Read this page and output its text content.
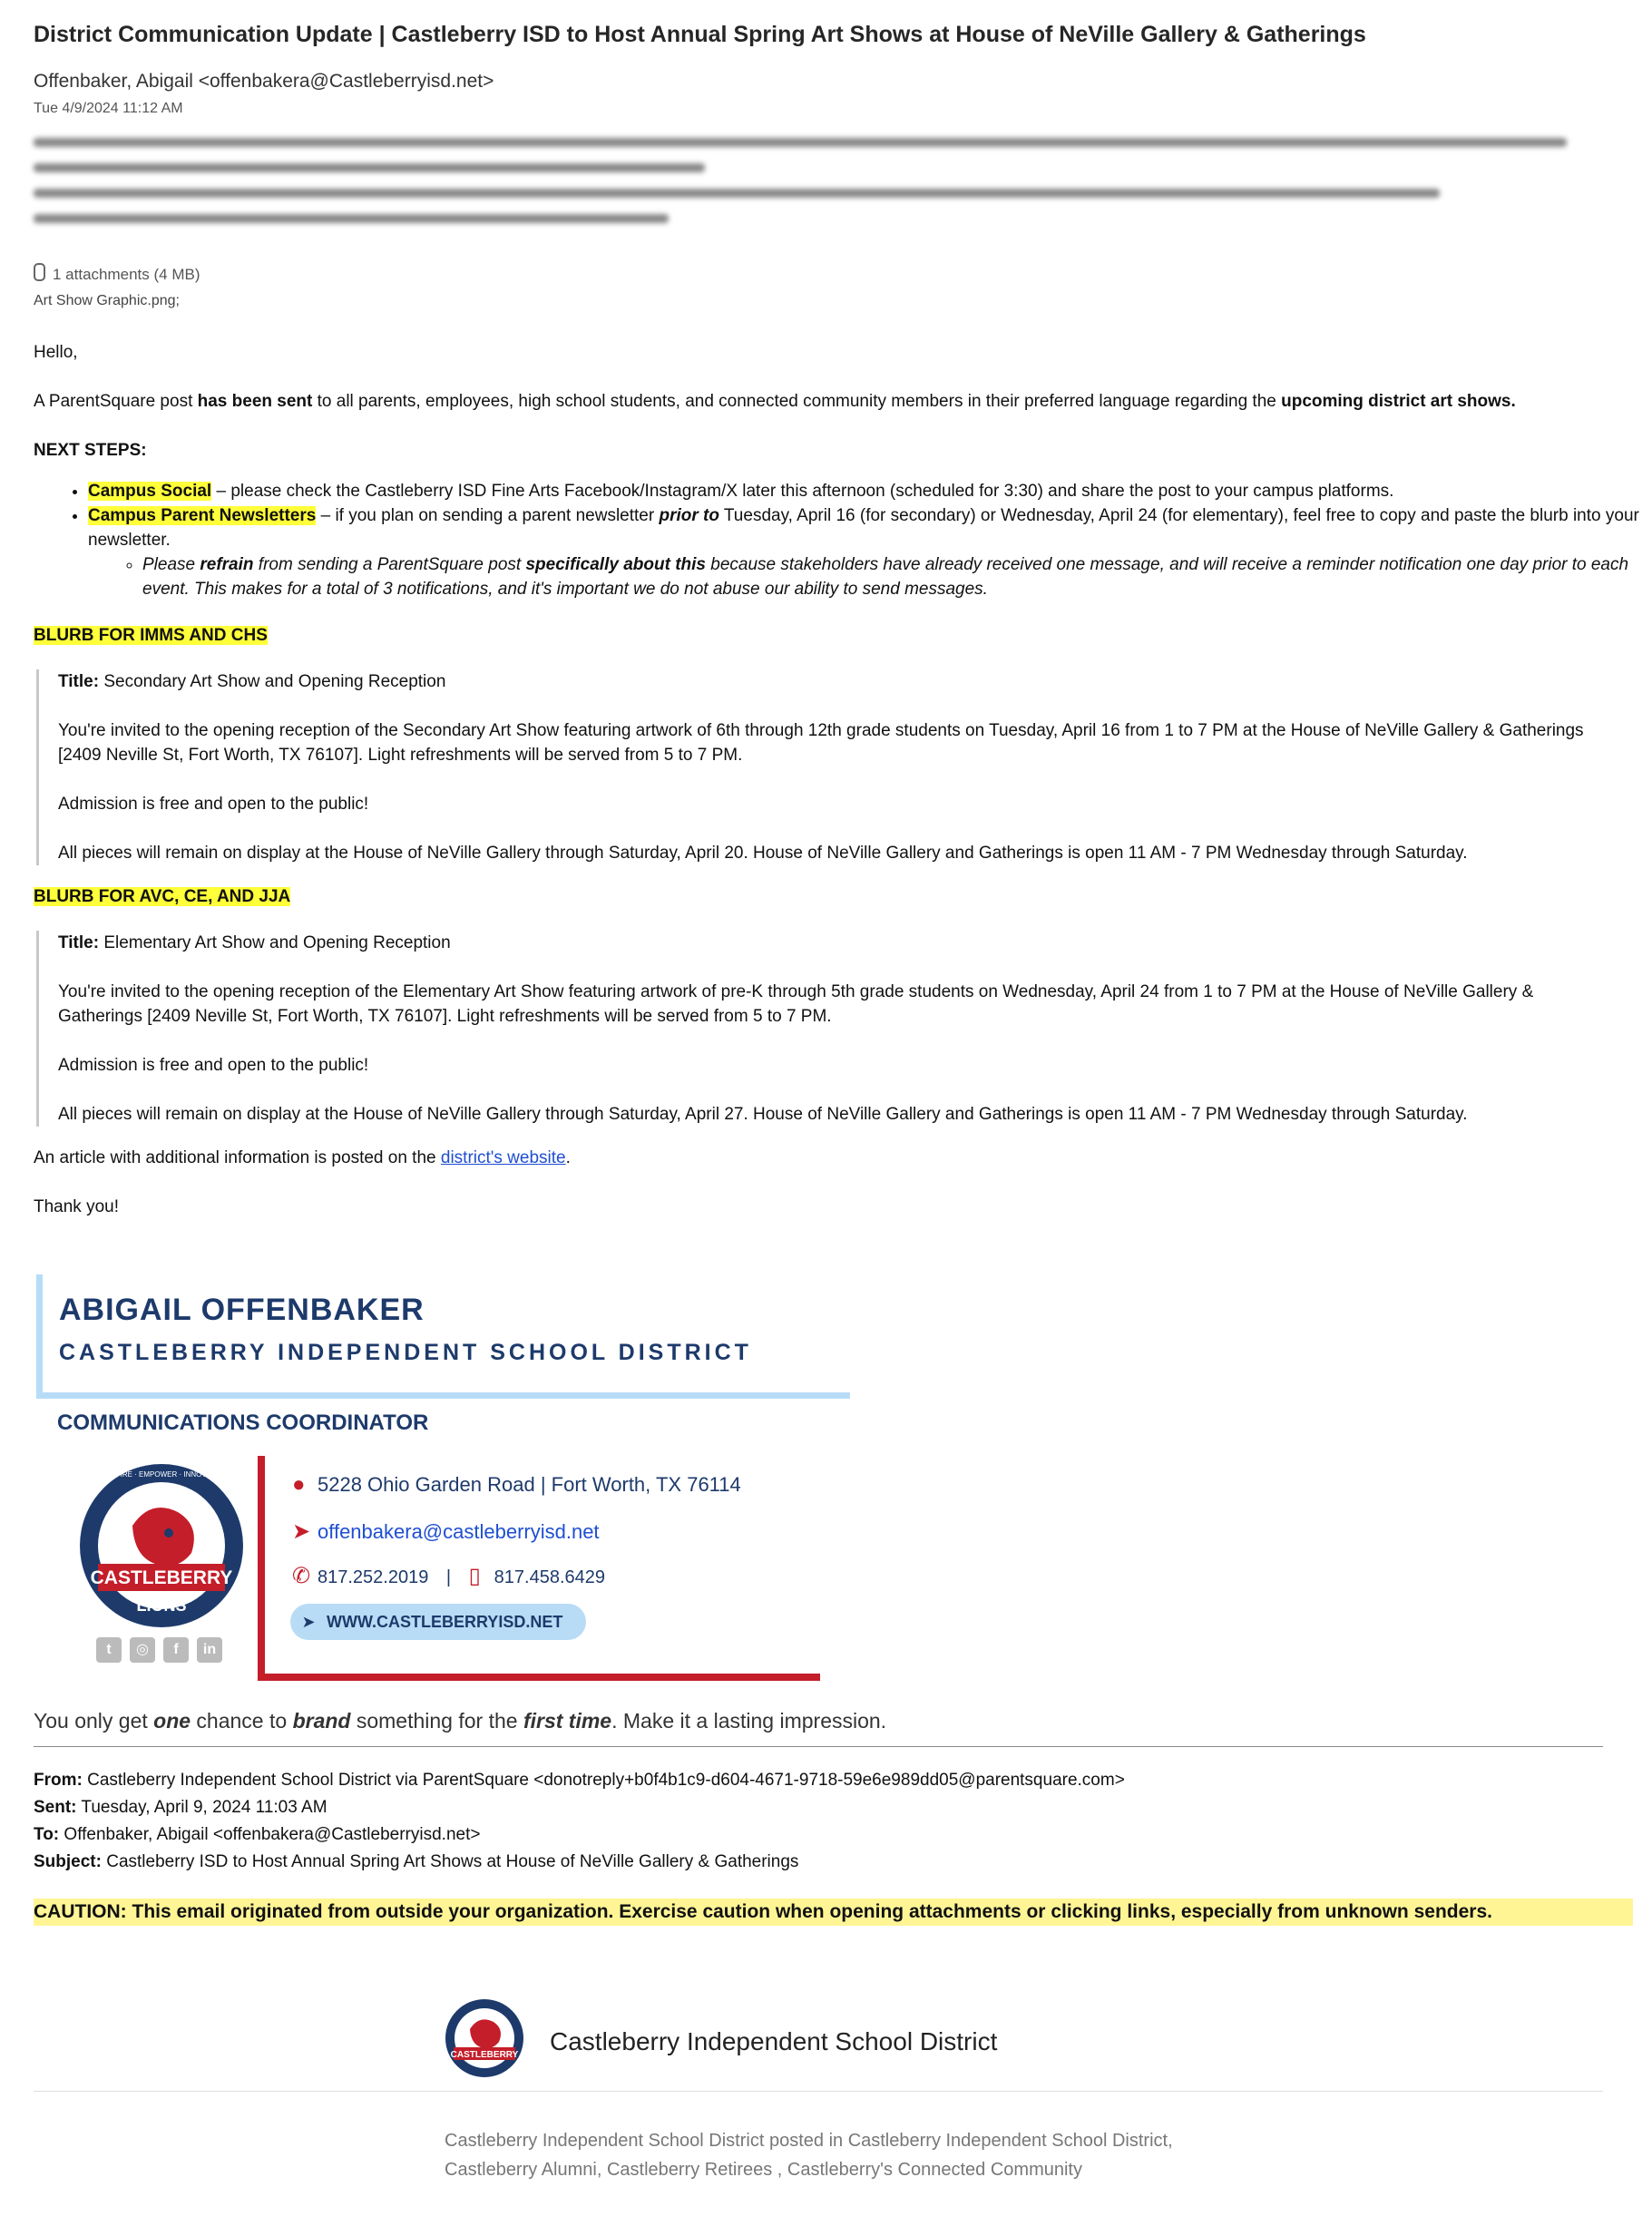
District Communication Update | Castleberry ISD to Host Annual Spring Art Shows at House of NeVille Gallery & Gatherings
Offenbaker, Abigail <offenbakera@Castleberryisd.net>
Tue 4/9/2024 11:12 AM
1 attachments (4 MB)
Art Show Graphic.png;
Hello,
A ParentSquare post has been sent to all parents, employees, high school students, and connected community members in their preferred language regarding the upcoming district art shows.
NEXT STEPS:
• Campus Social – please check the Castleberry ISD Fine Arts Facebook/Instagram/X later this afternoon (scheduled for 3:30) and share the post to your campus platforms.
• Campus Parent Newsletters – if you plan on sending a parent newsletter prior to Tuesday, April 16 (for secondary) or Wednesday, April 24 (for elementary), feel free to copy and paste the blurb into your newsletter.
◦ Please refrain from sending a ParentSquare post specifically about this because stakeholders have already received one message, and will receive a reminder notification one day prior to each event. This makes for a total of 3 notifications, and it's important we do not abuse our ability to send messages.
BLURB FOR IMMS AND CHS

Title: Secondary Art Show and Opening Reception

You're invited to the opening reception of the Secondary Art Show featuring artwork of 6th through 12th grade students on Tuesday, April 16 from 1 to 7 PM at the House of NeVille Gallery & Gatherings [2409 Neville St, Fort Worth, TX 76107]. Light refreshments will be served from 5 to 7 PM.

Admission is free and open to the public!

All pieces will remain on display at the House of NeVille Gallery through Saturday, April 20. House of NeVille Gallery and Gatherings is open 11 AM - 7 PM Wednesday through Saturday.

BLURB FOR AVC, CE, AND JJA

Title: Elementary Art Show and Opening Reception

You're invited to the opening reception of the Elementary Art Show featuring artwork of pre-K through 5th grade students on Wednesday, April 24 from 1 to 7 PM at the House of NeVille Gallery & Gatherings [2409 Neville St, Fort Worth, TX 76107]. Light refreshments will be served from 5 to 7 PM.

Admission is free and open to the public!

All pieces will remain on display at the House of NeVille Gallery through Saturday, April 27. House of NeVille Gallery and Gatherings is open 11 AM - 7 PM Wednesday through Saturday.

An article with additional information is posted on the district's website.
Thank you!
ABIGAIL OFFENBAKER
CASTLEBERRY INDEPENDENT SCHOOL DISTRICT
COMMUNICATIONS COORDINATOR
CASTLEBERRY
LIONS
INSPIRE · EMPOWER · INNOVATE
t ◎ f in
● 5228 Ohio Garden Road | Fort Worth, TX 76114
➤ offenbakera@castleberryisd.net
✆ 817.252.2019 | ▯ 817.458.6429
➤ WWW.CASTLEBERRYISD.NET
You only get one chance to brand something for the first time. Make it a lasting impression.
From: Castleberry Independent School District via ParentSquare <donotreply+b0f4b1c9-d604-4671-9718-59e6e989dd05@parentsquare.com>
Sent: Tuesday, April 9, 2024 11:03 AM
To: Offenbaker, Abigail <offenbakera@Castleberryisd.net>
Subject: Castleberry ISD to Host Annual Spring Art Shows at House of NeVille Gallery & Gatherings
CAUTION: This email originated from outside your organization. Exercise caution when opening attachments or clicking links, especially from unknown senders.
CASTLEBERRY Castleberry Independent School District
Castleberry Independent School District posted in Castleberry Independent School District,
Castleberry Alumni, Castleberry Retirees , Castleberry's Connected Community
